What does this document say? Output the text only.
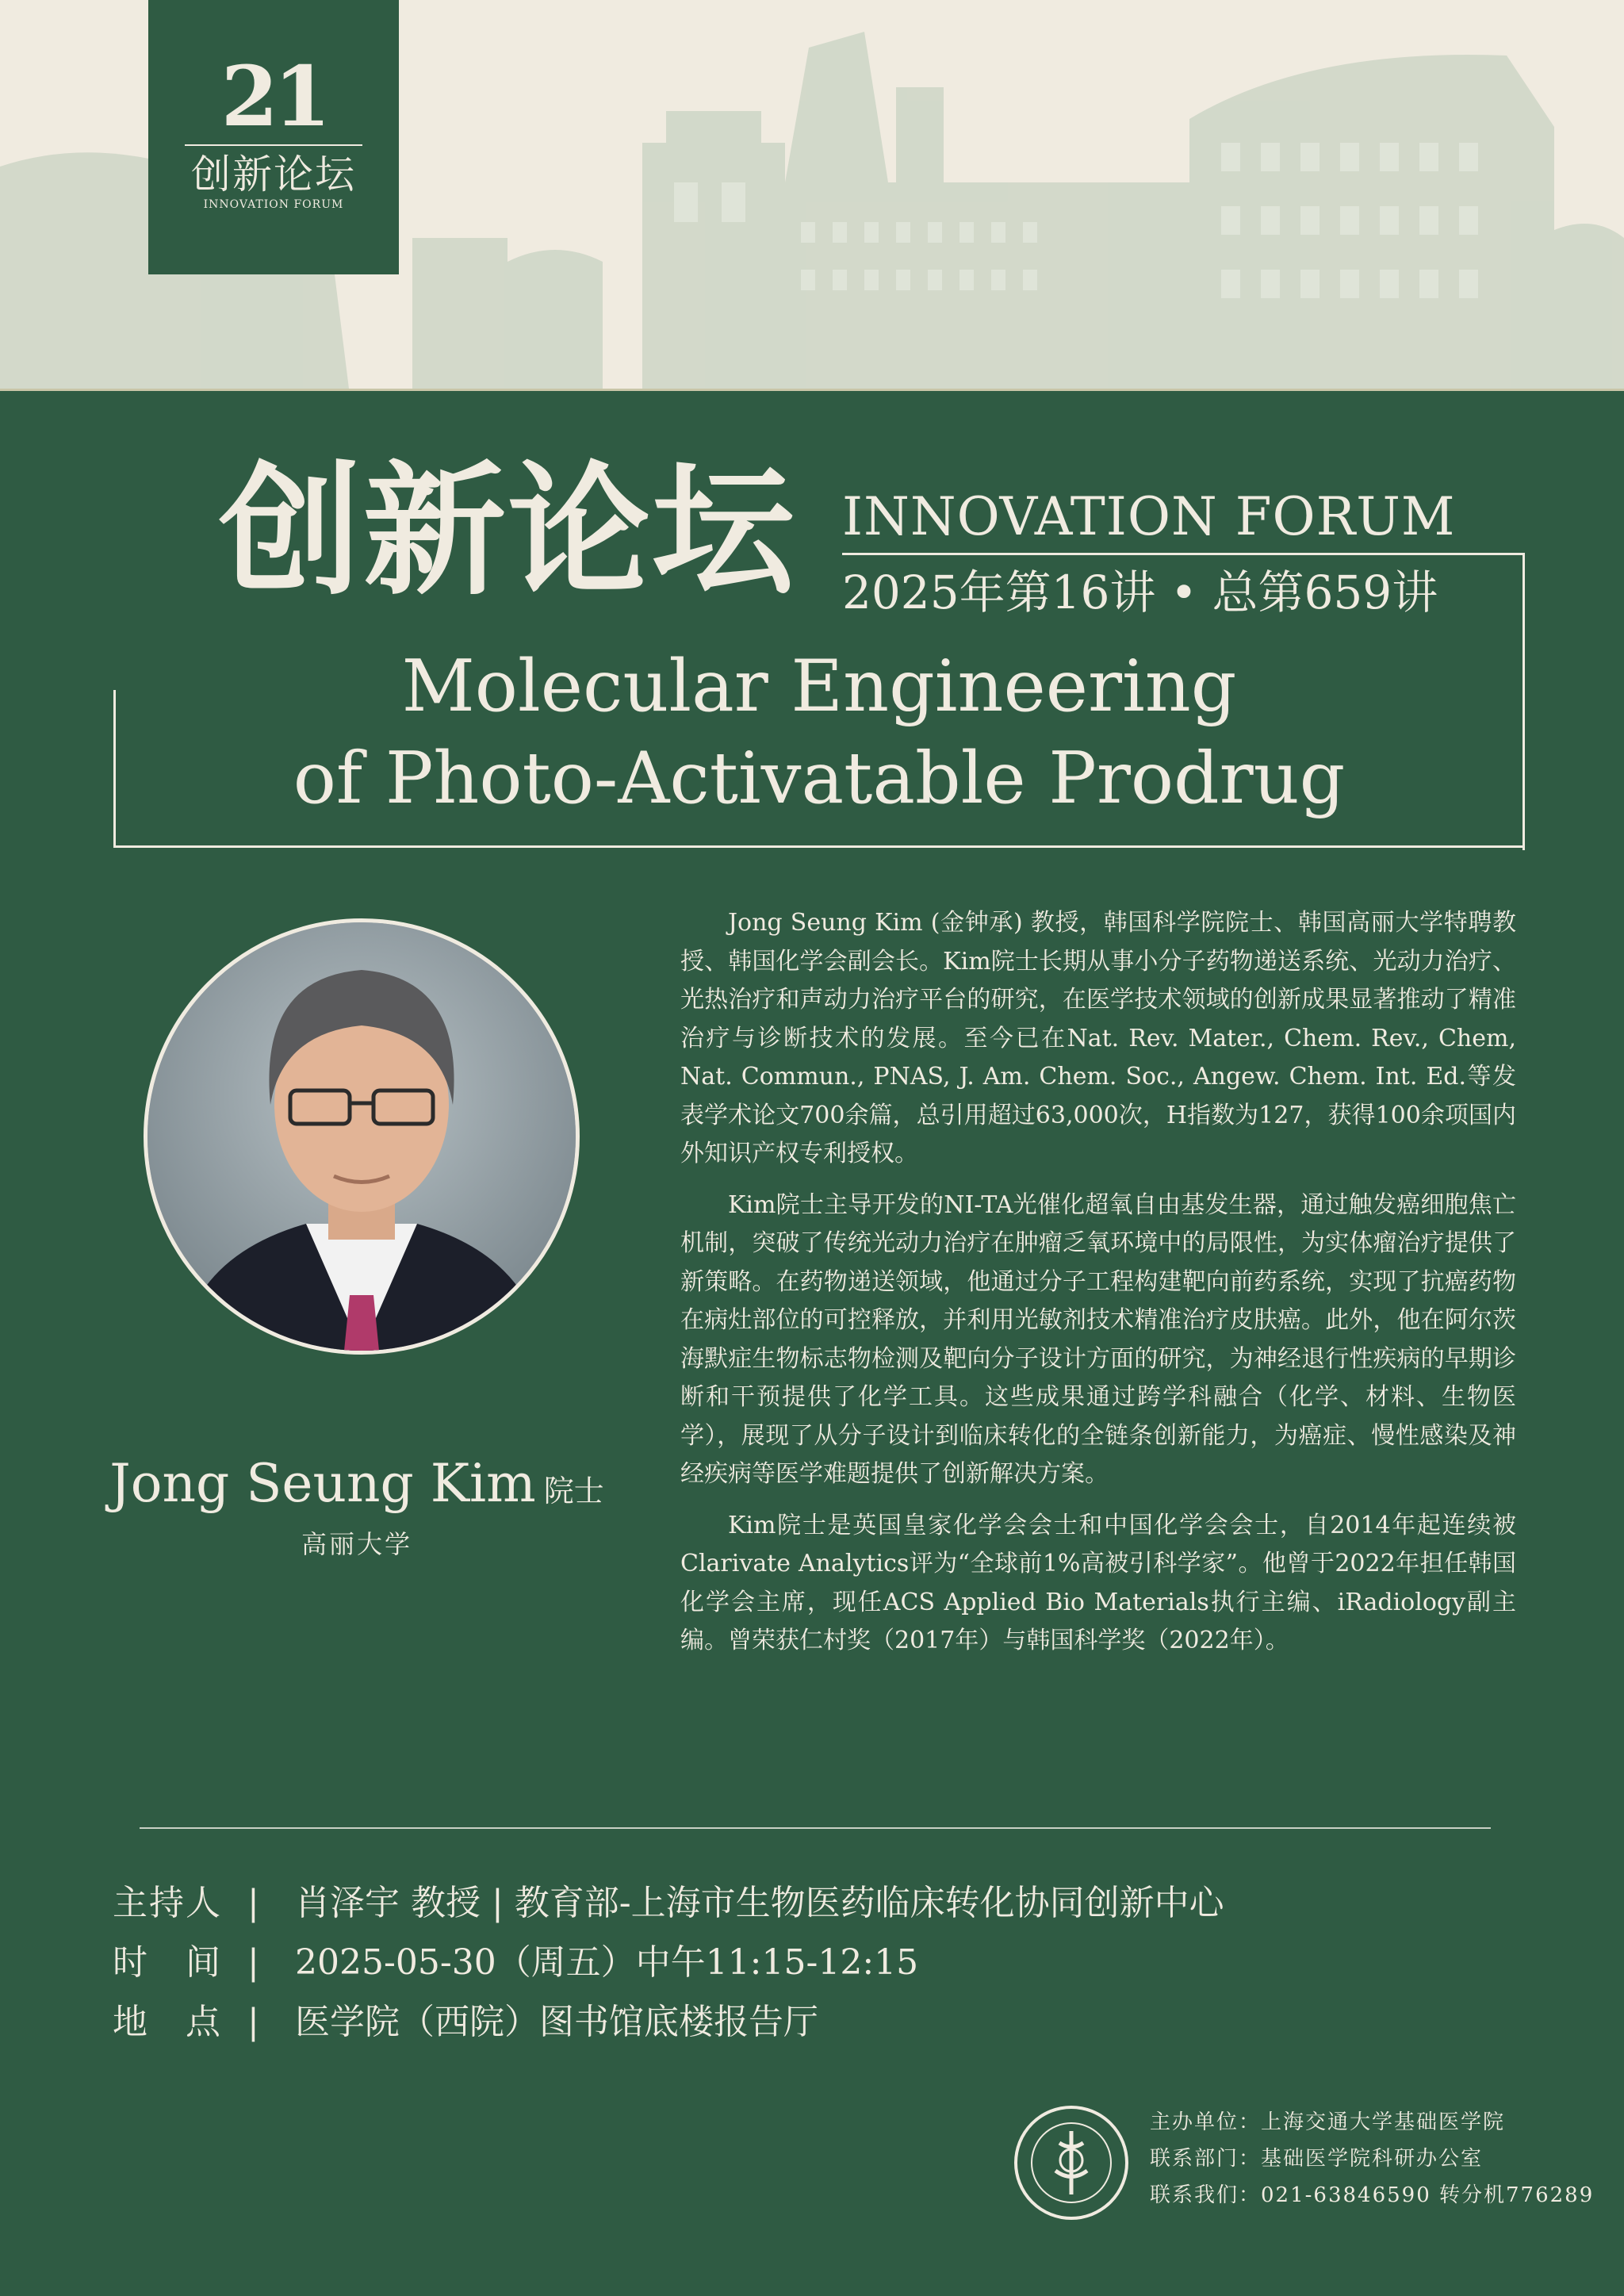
21
创新论坛
INNOVATION FORUM
创新论坛 INNOVATION FORUM
2025年第16讲 • 总第659讲
Molecular Engineering
of Photo-Activatable Prodrug
Jong Seung Kim 院士
高丽大学

Jong Seung Kim (金钟承) 教授，韩国科学院院士、韩国高丽大学特聘教授、韩国化学会副会长。Kim院士长期从事小分子药物递送系统、光动力治疗、光热治疗和声动力治疗平台的研究，在医学技术领域的创新成果显著推动了精准治疗与诊断技术的发展。至今已在Nat. Rev. Mater., Chem. Rev., Chem, Nat. Commun., PNAS, J. Am. Chem. Soc., Angew. Chem. Int. Ed.等发表学术论文700余篇，总引用超过63,000次，H指数为127，获得100余项国内外知识产权专利授权。

Kim院士主导开发的NI-TA光催化超氧自由基发生器，通过触发癌细胞焦亡机制，突破了传统光动力治疗在肿瘤乏氧环境中的局限性，为实体瘤治疗提供了新策略。在药物递送领域，他通过分子工程构建靶向前药系统，实现了抗癌药物在病灶部位的可控释放，并利用光敏剂技术精准治疗皮肤癌。此外，他在阿尔茨海默症生物标志物检测及靶向分子设计方面的研究，为神经退行性疾病的早期诊断和干预提供了化学工具。这些成果通过跨学科融合（化学、材料、生物医学），展现了从分子设计到临床转化的全链条创新能力，为癌症、慢性感染及神经疾病等医学难题提供了创新解决方案。

Kim院士是英国皇家化学会会士和中国化学会会士，自2014年起连续被Clarivate Analytics评为“全球前1%高被引科学家”。他曾于2022年担任韩国化学会主席，现任ACS Applied Bio Materials执行主编、iRadiology副主编。曾荣获仁村奖（2017年）与韩国科学奖（2022年）。

主持人 | 肖泽宇 教授 | 教育部-上海市生物医药临床转化协同创新中心
时　间 | 2025-05-30（周五）中午11:15-12:15
地　点 | 医学院（西院）图书馆底楼报告厅
主办单位：上海交通大学基础医学院
联系部门：基础医学院科研办公室
联系我们：021-63846590 转分机776289
